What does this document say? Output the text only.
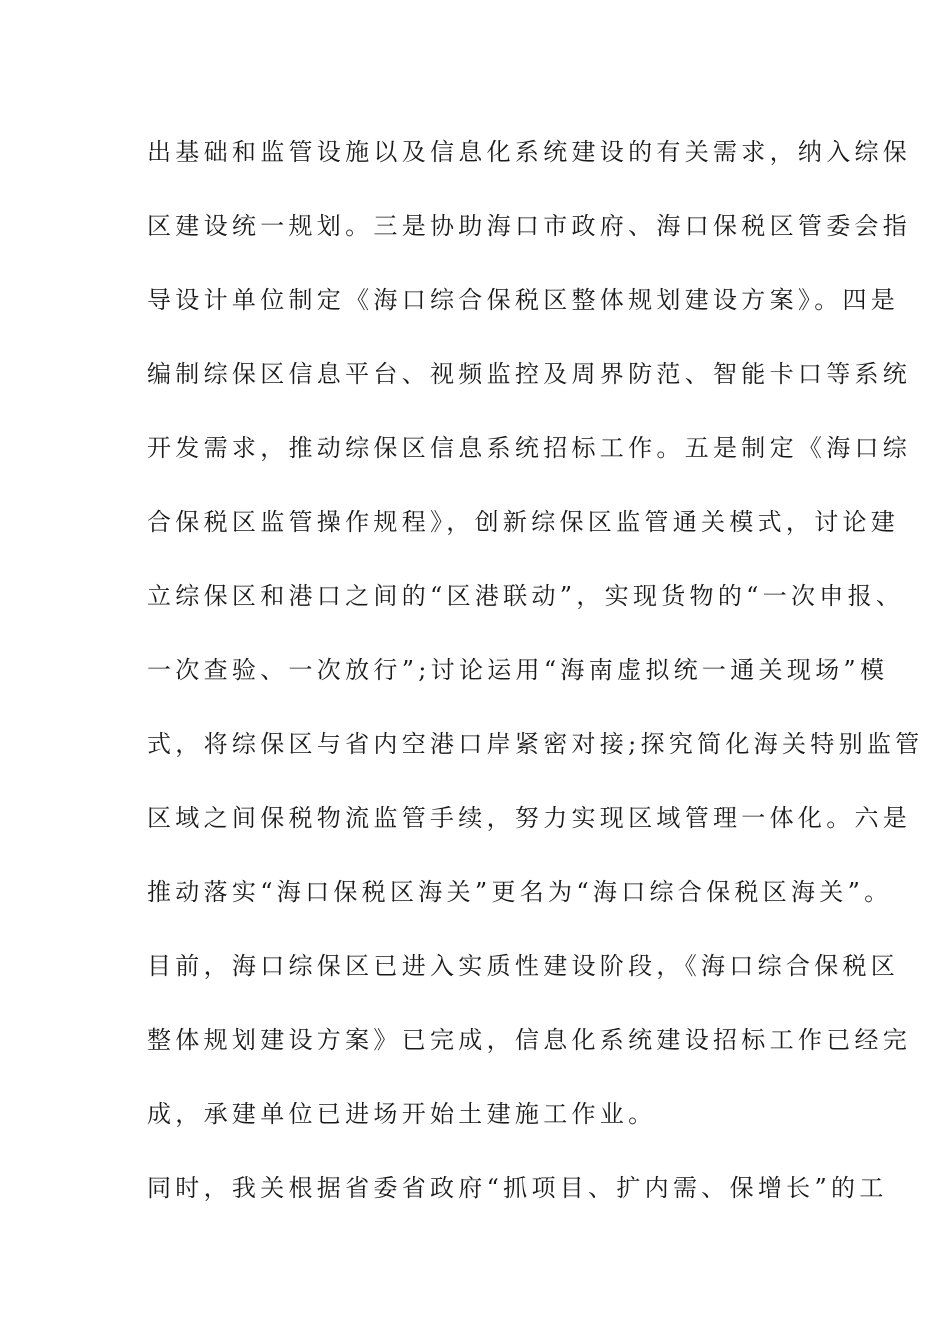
出基础和监管设施以及信息化系统建设的有关需求，纳入综保
区建设统一规划。三是协助海口市政府、海口保税区管委会指
导设计单位制定《海口综合保税区整体规划建设方案》。四是
编制综保区信息平台、视频监控及周界防范、智能卡口等系统
开发需求，推动综保区信息系统招标工作。五是制定《海口综
合保税区监管操作规程》，创新综保区监管通关模式，讨论建
立综保区和港口之间的“区港联动”，实现货物的“一次申报、
一次查验、一次放行”;讨论运用“海南虚拟统一通关现场”模
式，将综保区与省内空港口岸紧密对接;探究简化海关特别监管
区域之间保税物流监管手续，努力实现区域管理一体化。六是
推动落实“海口保税区海关”更名为“海口综合保税区海关”。
目前，海口综保区已进入实质性建设阶段，《海口综合保税区
整体规划建设方案》已完成，信息化系统建设招标工作已经完
成，承建单位已进场开始土建施工作业。
同时，我关根据省委省政府“抓项目、扩内需、保增长”的工
